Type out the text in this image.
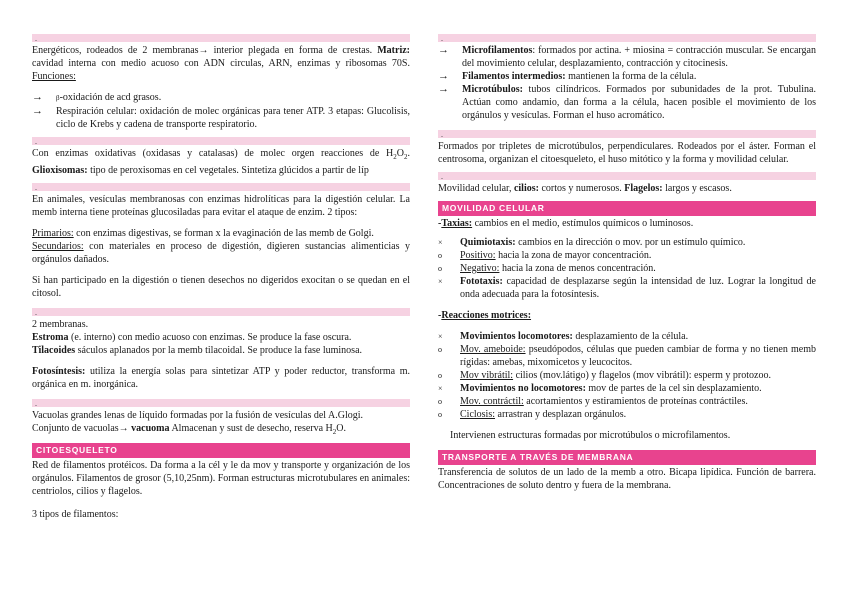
.

Energéticos, rodeados de 2 membranas→ interior plegada en forma de crestas. Matriz: cavidad interna con medio acuoso con ADN circulas, ARN, enzimas y ribosomas 70S. Funciones:

→	β-oxidación de acd grasos.
→	Respiración celular: oxidación de molec orgánicas para tener ATP. 3 etapas: Glucolisis, ciclo de Krebs y cadena de transporte respiratorio.
.

Con enzimas oxidativas (oxidasas y catalasas) de molec orgen reacciones de $H_2O_2$. Glioxisomas: tipo de peroxisomas en cel vegetales. Sintetiza glúcidos a partir de líp

.

En animales, vesículas membranosas con enzimas hidrolíticas para la digestión celular. La memb interna tiene proteínas glucosiladas para evitar el ataque de enzim. 2 tipos:

Primarios: con enzimas digestivas, se forman x la evaginación de las memb de Golgi.
Secundarios: con materiales en proceso de digestión, digieren sustancias alimenticias y orgánulos dañados.

Si han participado en la digestión o tienen desechos no digeridos exocitan o se quedan en el citosol.

.

2 membranas.

Estroma (e. interno) con medio acuoso con enzimas. Se produce la fase oscura.
Tilacoides sáculos aplanados por la memb tilacoidal. Se produce la fase luminosa.

Fotosíntesis: utiliza la energía solas para sintetizar ATP y poder reductor, transforma m. orgánica en m. inorgánica.

.

Vacuolas grandes lenas de líquido formadas por la fusión de vesículas del A.Glogi.
Conjunto de vacuolas→ vacuoma Almacenan y sust de desecho, reserva $H_2O$.

CITOESQUELETO

Red de filamentos protéicos. Da forma a la cél y le da mov y transporte y organización de los orgánulos. Filamentos de grosor (5,10,25nm). Forman estructuras microtubulares en animales: centriolos, cilios y flagelos.

3 tipos de filamentos:

.
→	Microfilamentos: formados por actina. + miosina = contracción muscular. Se encargan del movimiento celular, desplazamiento, contracción y citocinesis.
→	Filamentos intermedios: mantienen la forma de la célula.
→	Microtúbulos: tubos cilíndricos. Formados por subunidades de la prot. Tubulina. Actúan como andamio, dan forma a la célula, hacen posible el movimiento de los orgánulos y vesículas. Forman el huso acromático.
.

Formados por tripletes de microtúbulos, perpendiculares. Rodeados por el áster. Forman el centrosoma, organizan el citoesqueleto, el huso mitótico y la forma y movilidad celular.

.

Movilidad celular, cilios: cortos y numerosos. Flagelos: largos y escasos.

MOVILIDAD CELULAR

-Taxias: cambios en el medio, estímulos químicos o luminosos.

×	Quimiotaxis: cambios en la dirección o mov. por un estímulo químico.
o	Positivo: hacia la zona de mayor concentración.
o	Negativo: hacia la zona de menos concentración.
×	Fototaxis: capacidad de desplazarse según la intensidad de luz. Lograr la longitud de onda adecuada para la fotosíntesis.

-Reacciones motrices:

×	Movimientos locomotores: desplazamiento de la célula.
o	Mov. ameboide: pseudópodos, células que pueden cambiar de forma y no tienen memb rígidas: amebas, mixomicetos y leucocitos.
o	Mov vibrátil: cilios (mov.látigo) y flagelos (mov vibrátil): esperm y protozoo.
×	Movimientos no locomotores: mov de partes de la cel sin desplazamiento.
o	Mov. contráctil: acortamientos y estiramientos de proteínas contráctiles.
o	Ciclosis: arrastran y desplazan orgánulos.

Intervienen estructuras formadas por microtúbulos o microfilamentos.

TRANSPORTE A TRAVÉS DE MEMBRANA

Transferencia de solutos de un lado de la memb a otro. Bicapa lipídica. Función de barrera. Concentraciones de soluto dentro y fuera de la membrana.
